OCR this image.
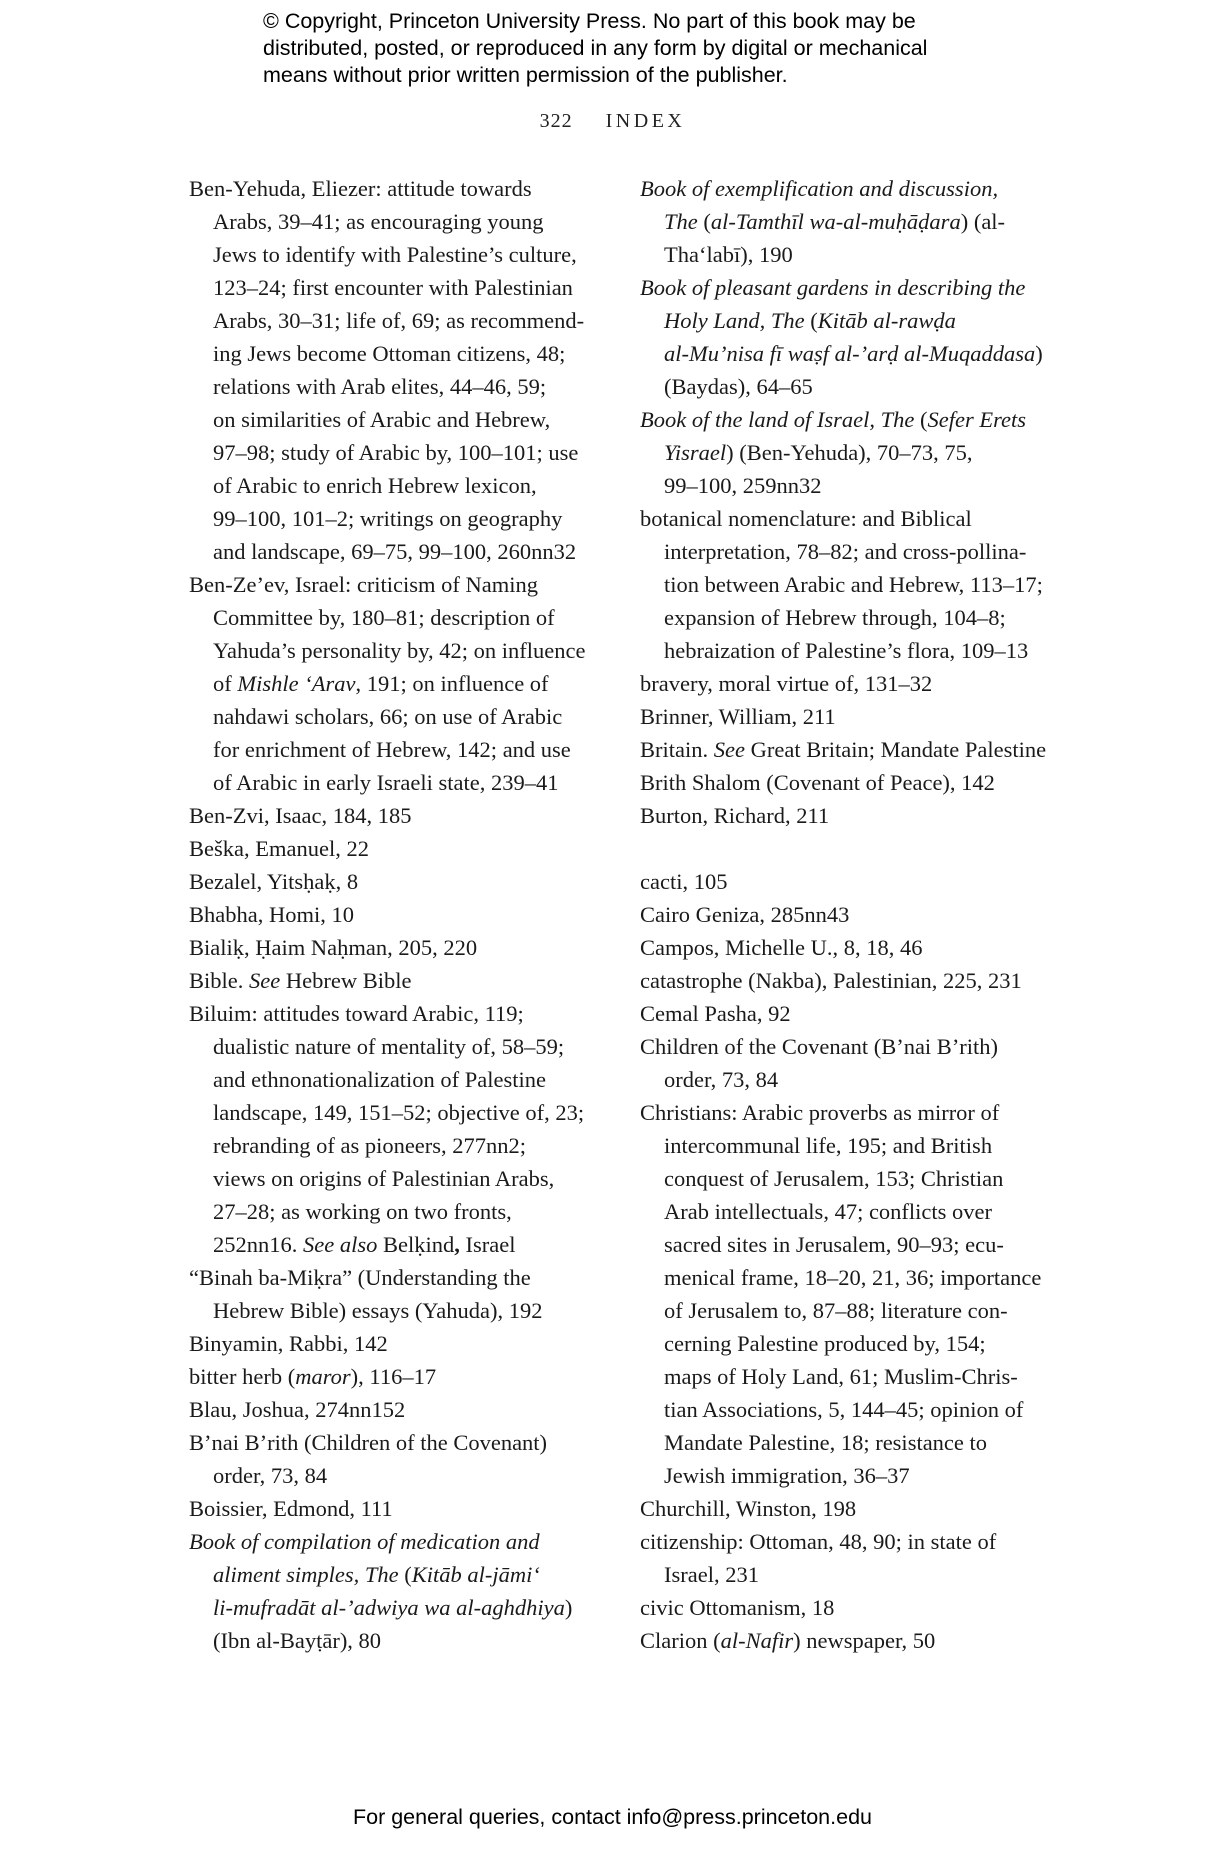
© Copyright, Princeton University Press. No part of this book may be
distributed, posted, or reproduced in any form by digital or mechanical
means without prior written permission of the publisher.
322 INDEX
Ben-Yehuda, Eliezer: attitude towards
Arabs, 39–41; as encouraging young
Jews to identify with Palestine’s culture,
123–24; first encounter with Palestinian
Arabs, 30–31; life of, 69; as recommend-
ing Jews become Ottoman citizens, 48;
relations with Arab elites, 44–46, 59;
on similarities of Arabic and Hebrew,
97–98; study of Arabic by, 100–101; use
of Arabic to enrich Hebrew lexicon,
99–100, 101–2; writings on geography
and landscape, 69–75, 99–100, 260nn32
Ben-Ze’ev, Israel: criticism of Naming
Committee by, 180–81; description of
Yahuda’s personality by, 42; on influence
of Mishle ‘Arav, 191; on influence of
nahdawi scholars, 66; on use of Arabic
for enrichment of Hebrew, 142; and use
of Arabic in early Israeli state, 239–41
Ben-Zvi, Isaac, 184, 185
Beška, Emanuel, 22
Bezalel, Yitsḥaḳ, 8
Bhabha, Homi, 10
Bialiḳ, Ḥaim Naḥman, 205, 220
Bible. See Hebrew Bible
Biluim: attitudes toward Arabic, 119;
dualistic nature of mentality of, 58–59;
and ethnonationalization of Palestine
landscape, 149, 151–52; objective of, 23;
rebranding of as pioneers, 277nn2;
views on origins of Palestinian Arabs,
27–28; as working on two fronts,
252nn16. See also Belḳind, Israel
“Binah ba-Miḳra” (Understanding the
Hebrew Bible) essays (Yahuda), 192
Binyamin, Rabbi, 142
bitter herb (maror), 116–17
Blau, Joshua, 274nn152
B’nai B’rith (Children of the Covenant)
order, 73, 84
Boissier, Edmond, 111
Book of compilation of medication and
aliment simples, The (Kitāb al-jāmi‘
li-mufradāt al-’adwiya wa al-aghdhiya)
(Ibn al-Bayṭār), 80
Book of exemplification and discussion,
The (al-Tamthīl wa-al-muḥāḍara) (al-
Tha‘labī), 190
Book of pleasant gardens in describing the
Holy Land, The (Kitāb al-rawḍa
al-Mu’nisa fī waṣf al-’arḍ al-Muqaddasa)
(Baydas), 64–65
Book of the land of Israel, The (Sefer Erets
Yisrael) (Ben-Yehuda), 70–73, 75,
99–100, 259nn32
botanical nomenclature: and Biblical
interpretation, 78–82; and cross-pollina-
tion between Arabic and Hebrew, 113–17;
expansion of Hebrew through, 104–8;
hebraization of Palestine’s flora, 109–13
bravery, moral virtue of, 131–32
Brinner, William, 211
Britain. See Great Britain; Mandate Palestine
Brith Shalom (Covenant of Peace), 142
Burton, Richard, 211
cacti, 105
Cairo Geniza, 285nn43
Campos, Michelle U., 8, 18, 46
catastrophe (Nakba), Palestinian, 225, 231
Cemal Pasha, 92
Children of the Covenant (B’nai B’rith)
order, 73, 84
Christians: Arabic proverbs as mirror of
intercommunal life, 195; and British
conquest of Jerusalem, 153; Christian
Arab intellectuals, 47; conflicts over
sacred sites in Jerusalem, 90–93; ecu-
menical frame, 18–20, 21, 36; importance
of Jerusalem to, 87–88; literature con-
cerning Palestine produced by, 154;
maps of Holy Land, 61; Muslim-Chris-
tian Associations, 5, 144–45; opinion of
Mandate Palestine, 18; resistance to
Jewish immigration, 36–37
Churchill, Winston, 198
citizenship: Ottoman, 48, 90; in state of
Israel, 231
civic Ottomanism, 18
Clarion (al-Nafir) newspaper, 50
For general queries, contact info@press.princeton.edu
